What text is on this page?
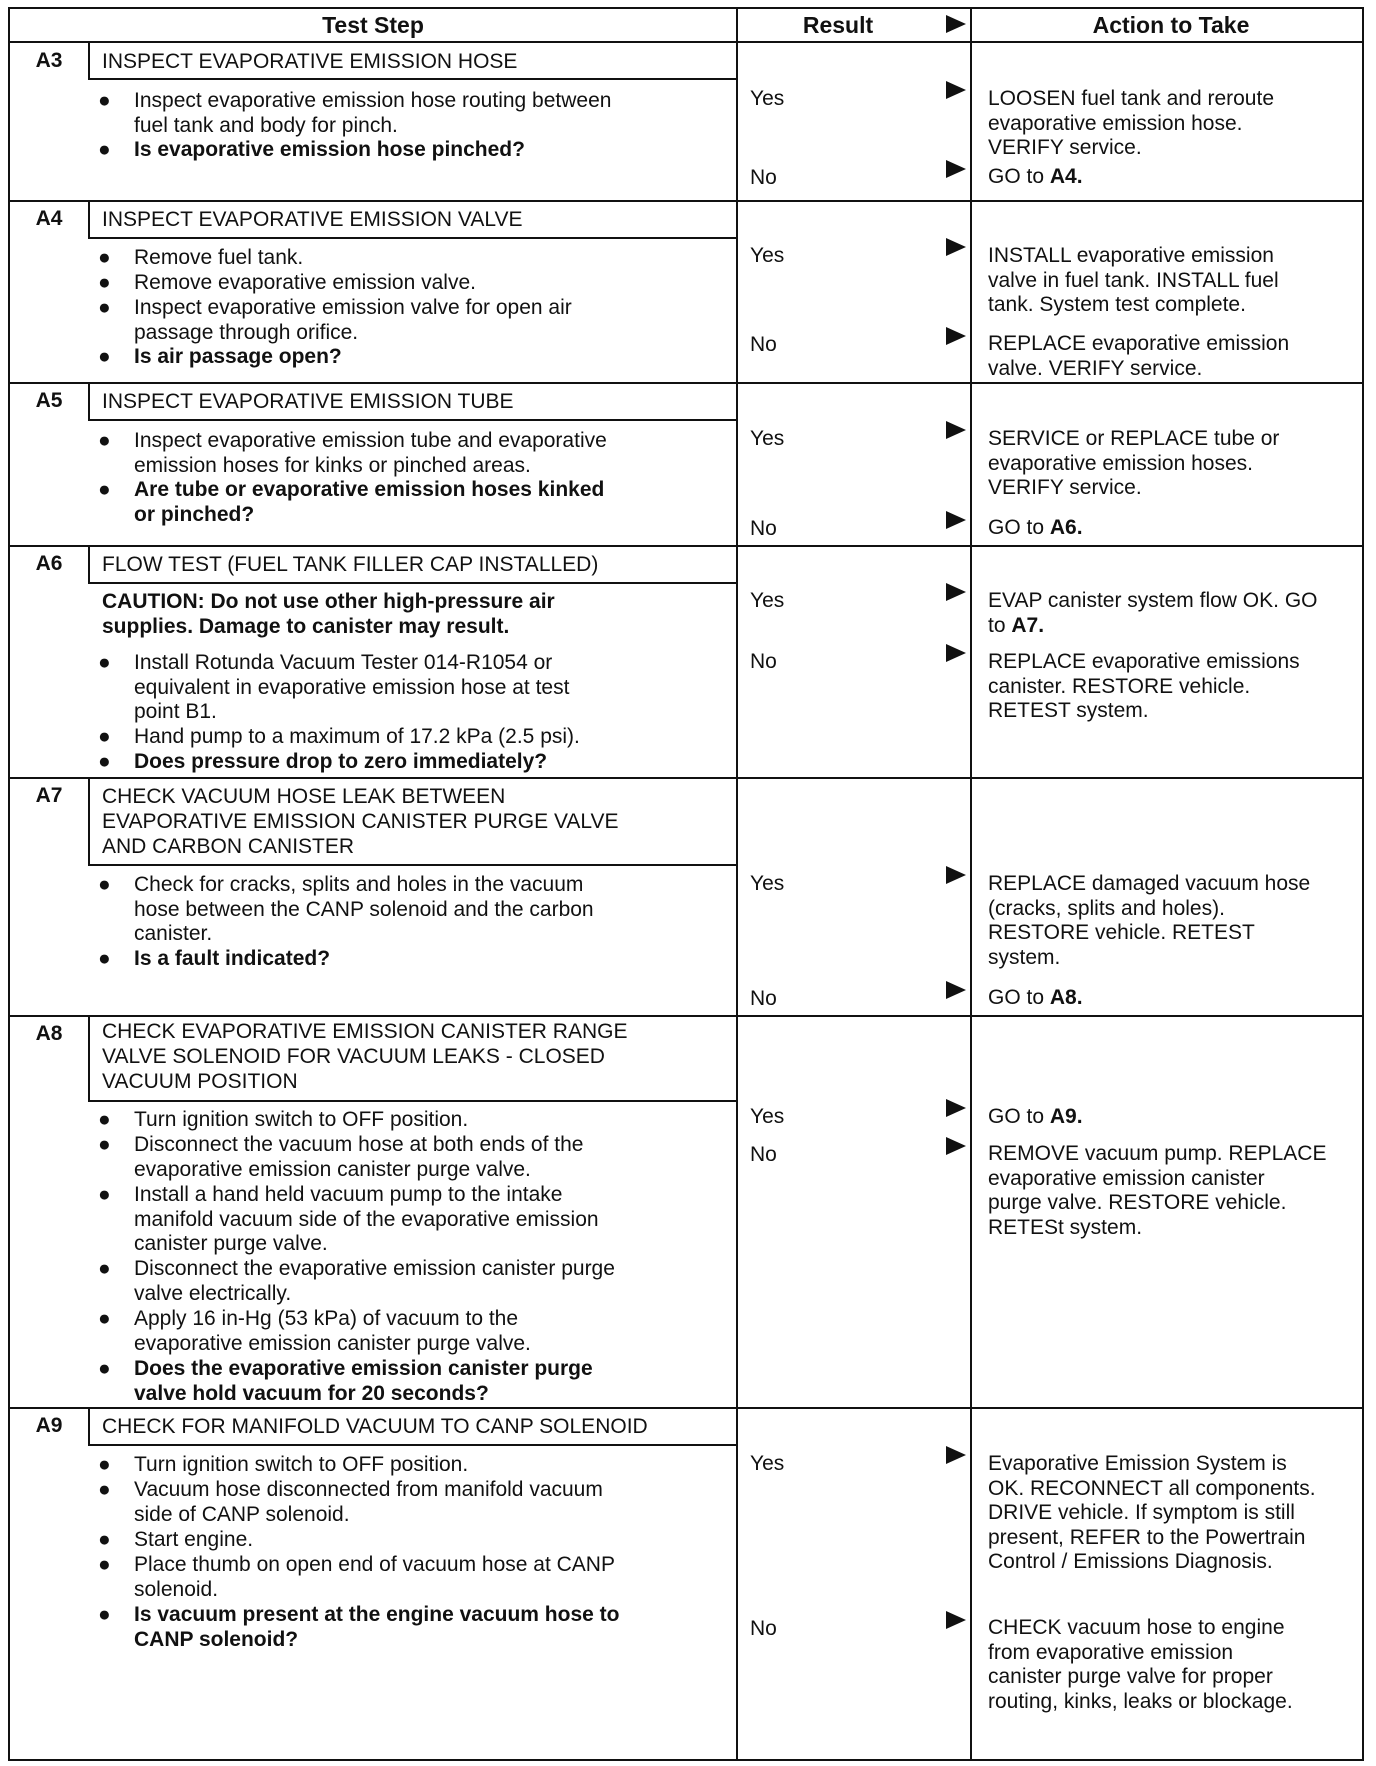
Test Step	Result	Action to Take
A3	INSPECT EVAPORATIVE EMISSION HOSE
● Inspect evaporative emission hose routing between
fuel tank and body for pinch.
● Is evaporative emission hose pinched?
Yes	LOOSEN fuel tank and reroute
evaporative emission hose.
VERIFY service.
No	GO to A4.
A4	INSPECT EVAPORATIVE EMISSION VALVE
● Remove fuel tank.
● Remove evaporative emission valve.
● Inspect evaporative emission valve for open air
passage through orifice.
● Is air passage open?
Yes	INSTALL evaporative emission
valve in fuel tank. INSTALL fuel
tank. System test complete.
No	REPLACE evaporative emission
valve. VERIFY service.
A5	INSPECT EVAPORATIVE EMISSION TUBE
● Inspect evaporative emission tube and evaporative
emission hoses for kinks or pinched areas.
● Are tube or evaporative emission hoses kinked
or pinched?
Yes	SERVICE or REPLACE tube or
evaporative emission hoses.
VERIFY service.
No	GO to A6.
A6	FLOW TEST (FUEL TANK FILLER CAP INSTALLED)
CAUTION: Do not use other high-pressure air
supplies. Damage to canister may result.
● Install Rotunda Vacuum Tester 014-R1054 or
equivalent in evaporative emission hose at test
point B1.
● Hand pump to a maximum of 17.2 kPa (2.5 psi).
● Does pressure drop to zero immediately?
Yes	EVAP canister system flow OK. GO
to A7.
No	REPLACE evaporative emissions
canister. RESTORE vehicle.
RETEST system.
A7	CHECK VACUUM HOSE LEAK BETWEEN
EVAPORATIVE EMISSION CANISTER PURGE VALVE
AND CARBON CANISTER
● Check for cracks, splits and holes in the vacuum
hose between the CANP solenoid and the carbon
canister.
● Is a fault indicated?
Yes	REPLACE damaged vacuum hose
(cracks, splits and holes).
RESTORE vehicle. RETEST
system.
No	GO to A8.
A8	CHECK EVAPORATIVE EMISSION CANISTER RANGE
VALVE SOLENOID FOR VACUUM LEAKS - CLOSED
VACUUM POSITION
● Turn ignition switch to OFF position.
● Disconnect the vacuum hose at both ends of the
evaporative emission canister purge valve.
● Install a hand held vacuum pump to the intake
manifold vacuum side of the evaporative emission
canister purge valve.
● Disconnect the evaporative emission canister purge
valve electrically.
● Apply 16 in-Hg (53 kPa) of vacuum to the
evaporative emission canister purge valve.
● Does the evaporative emission canister purge
valve hold vacuum for 20 seconds?
Yes	GO to A9.
No	REMOVE vacuum pump. REPLACE
evaporative emission canister
purge valve. RESTORE vehicle.
RETESt system.
A9	CHECK FOR MANIFOLD VACUUM TO CANP SOLENOID
● Turn ignition switch to OFF position.
● Vacuum hose disconnected from manifold vacuum
side of CANP solenoid.
● Start engine.
● Place thumb on open end of vacuum hose at CANP
solenoid.
● Is vacuum present at the engine vacuum hose to
CANP solenoid?
Yes	Evaporative Emission System is
OK. RECONNECT all components.
DRIVE vehicle. If symptom is still
present, REFER to the Powertrain
Control / Emissions Diagnosis.
No	CHECK vacuum hose to engine
from evaporative emission
canister purge valve for proper
routing, kinks, leaks or blockage.
